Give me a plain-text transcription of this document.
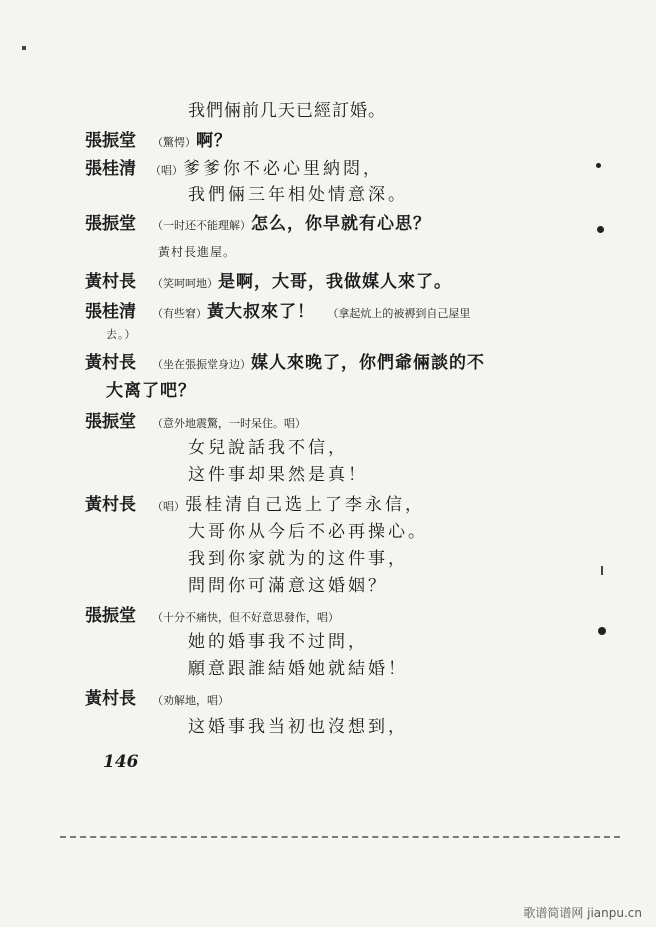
我們倆前几天已經訂婚。
張振堂 （驚愕）啊？
張桂清 （唱）爹爹你不必心里納悶，
我們倆三年相处情意深。
張振堂 （一时还不能理解）怎么，你早就有心思？
黃村長進屋。
黃村長 （笑呵呵地）是啊，大哥，我做媒人來了。
張桂清 （有些窘）黃大叔來了！ （拿起炕上的被褥到自己屋里
去。）
黃村長 （坐在張振堂身边）媒人來晚了，你們爺倆談的不
大离了吧？
張振堂 （意外地震驚，一时呆住。唱）
女兒說話我不信，
这件事却果然是真！
黃村長 （唱）張桂清自己选上了李永信，
大哥你从今后不必再操心。
我到你家就为的这件事，
問問你可滿意这婚姻？
張振堂 （十分不痛快，但不好意思發作，唱）
她的婚事我不过問，
願意跟誰結婚她就結婚！
黃村長 （劝解地，唱）
这婚事我当初也沒想到，
146
歌谱简谱网 jianpu.cn
